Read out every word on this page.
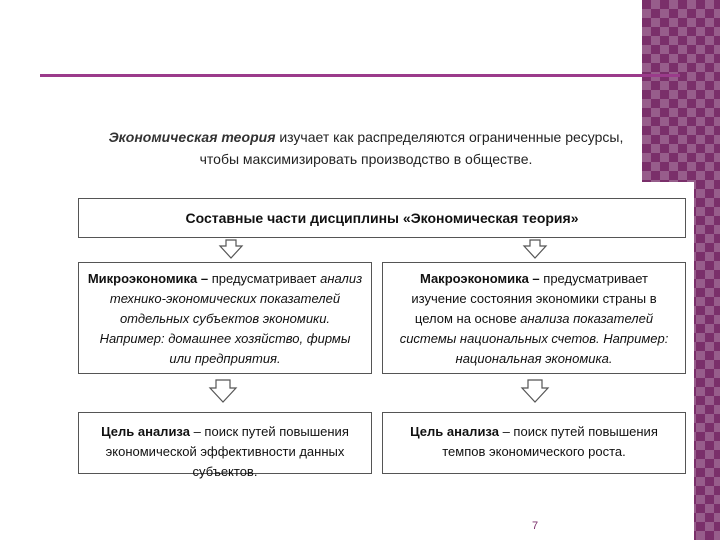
Экономическая теория изучает как распределяются ограниченные ресурсы,
чтобы максимизировать производство в обществе.
Составные части дисциплины «Экономическая теория»
Микроэкономика – предусматривает анализ технико-экономических показателей отдельных субъектов экономики. Например: домашнее хозяйство, фирмы или предприятия.
Макроэкономика – предусматривает изучение состояния экономики страны в целом на основе анализа показателей системы национальных счетов. Например: национальная экономика.
Цель анализа – поиск путей повышения экономической эффективности данных субъектов.
Цель анализа – поиск путей повышения темпов экономического роста.
7
